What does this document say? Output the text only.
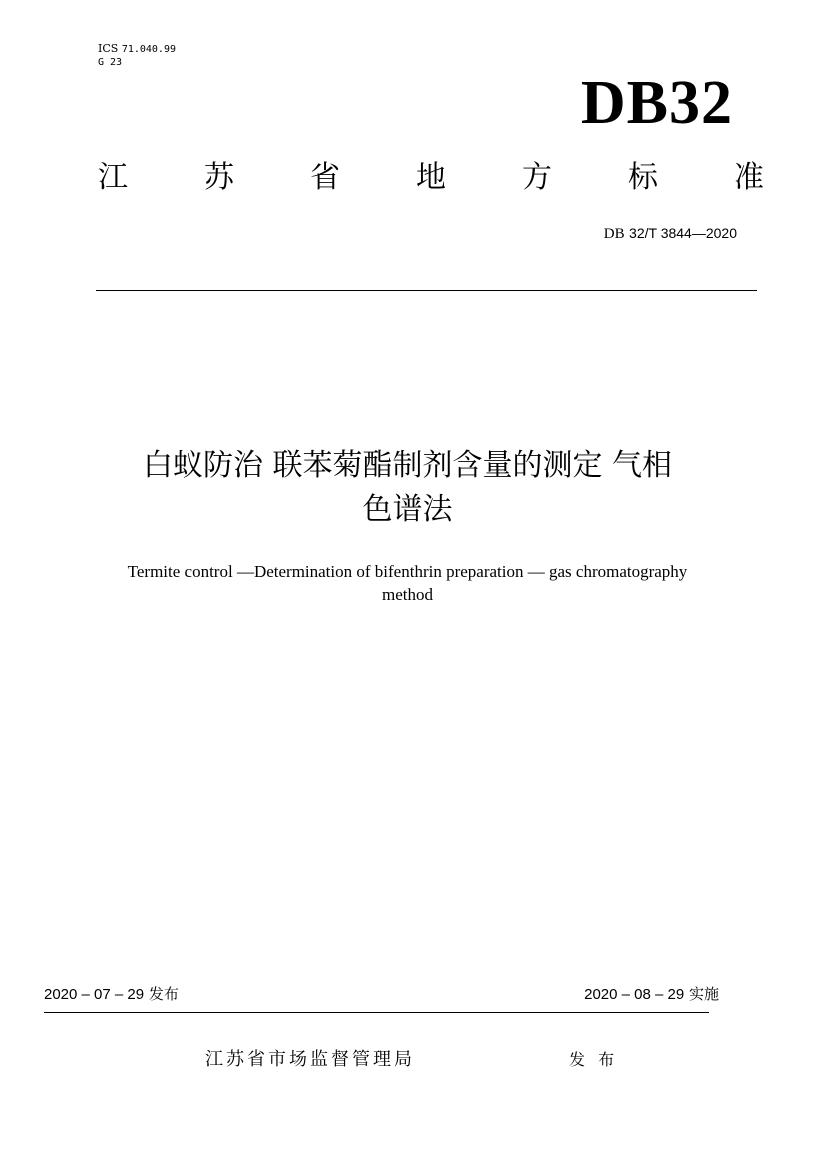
ICS 71.040.99
G 23
DB32
江	苏	省	地	方	标	准
DB 32/T 3844—2020
白蚁防治 联苯菊酯制剂含量的测定 气相
色谱法
Termite control —Determination of bifenthrin preparation — gas chromatography
method
2020 – 07 – 29 发布	2020 – 08 – 29 实施
江苏省市场监督管理局	发 布
